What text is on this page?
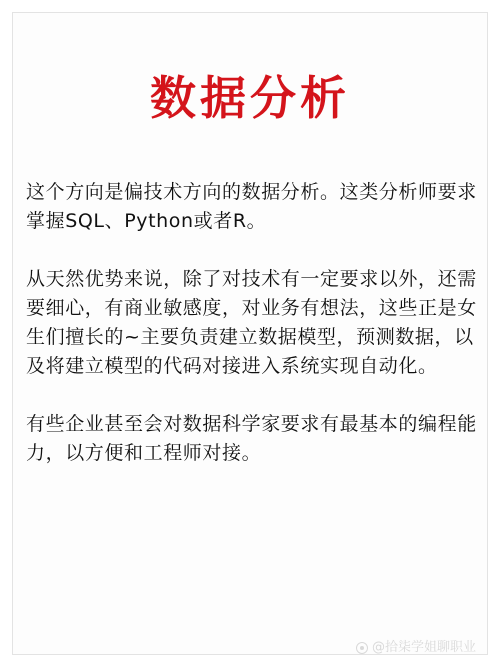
数据分析

这个方向是偏技术方向的数据分析。这类分析师要求掌握SQL、Python或者R。

从天然优势来说，除了对技术有一定要求以外，还需要细心，有商业敏感度，对业务有想法，这些正是女生们擅长的~主要负责建立数据模型，预测数据，以及将建立模型的代码对接进入系统实现自动化。

有些企业甚至会对数据科学家要求有最基本的编程能力，以方便和工程师对接。

@拾柒学姐聊职业
